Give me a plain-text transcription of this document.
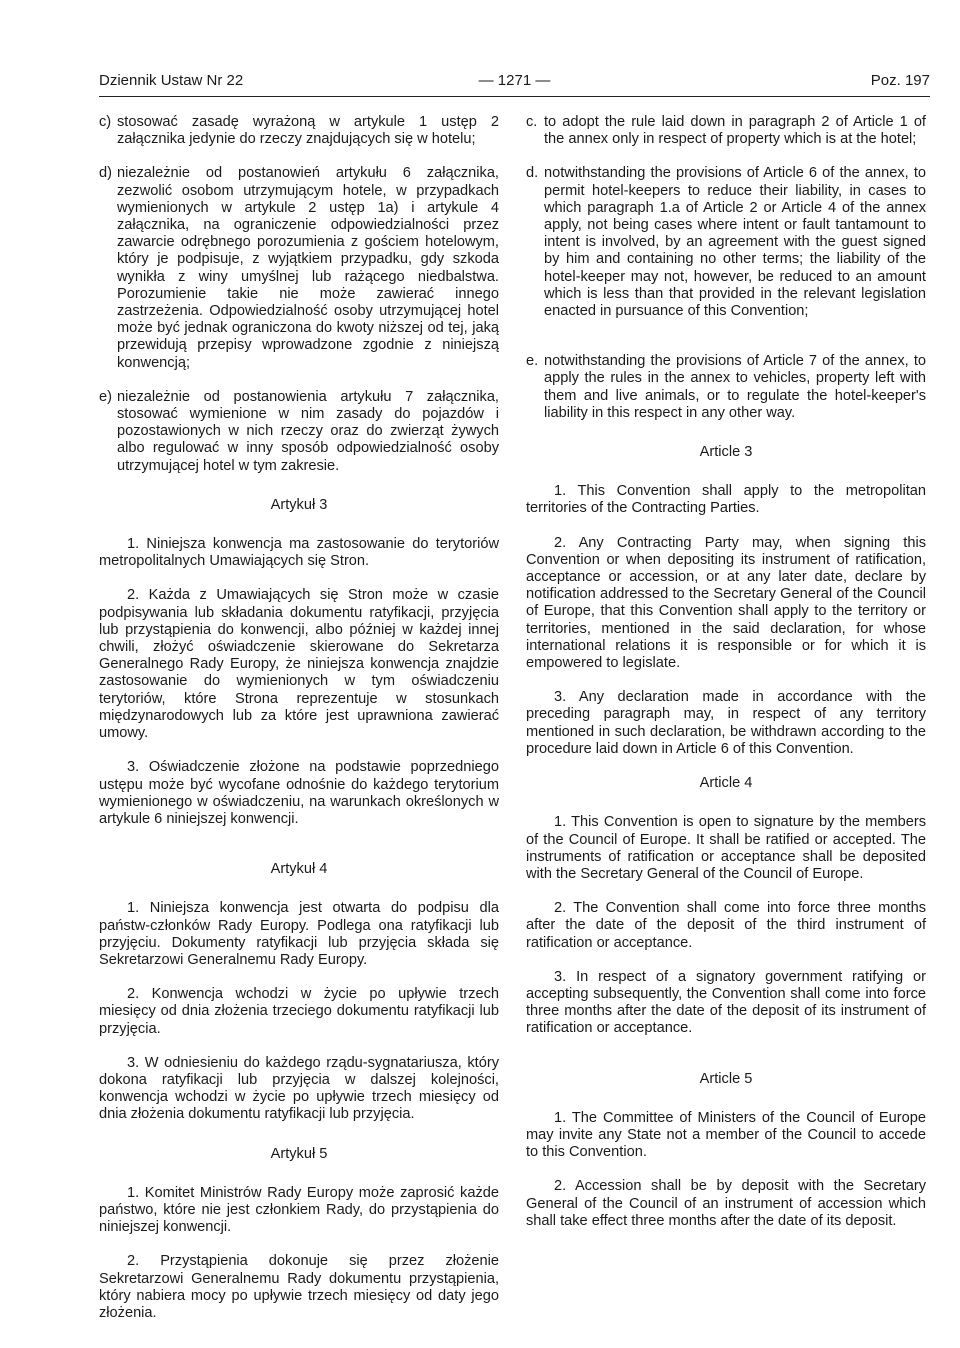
Dziennik Ustaw Nr 22	— 1271 —	Poz. 197
c) stosować zasadę wyrażoną w artykule 1 ustęp 2 załącznika jedynie do rzeczy znajdujących się w hotelu;
d) niezależnie od postanowień artykułu 6 załącznika, zezwolić osobom utrzymującym hotele, w przypadkach wymienionych w artykule 2 ustęp 1a) i artykule 4 załącznika, na ograniczenie odpowiedzialności przez zawarcie odrębnego porozumienia z gościem hotelowym, który je podpisuje, z wyjątkiem przypadku, gdy szkoda wynikła z winy umyślnej lub rażącego niedbalstwa. Porozumienie takie nie może zawierać innego zastrzeżenia. Odpowiedzialność osoby utrzymującej hotel może być jednak ograniczona do kwoty niższej od tej, jaką przewidują przepisy wprowadzone zgodnie z niniejszą konwencją;
e) niezależnie od postanowienia artykułu 7 załącznika, stosować wymienione w nim zasady do pojazdów i pozostawionych w nich rzeczy oraz do zwierząt żywych albo regulować w inny sposób odpowiedzialność osoby utrzymującej hotel w tym zakresie.

Artykuł 3

1. Niniejsza konwencja ma zastosowanie do terytoriów metropolitalnych Umawiających się Stron.

2. Każda z Umawiających się Stron może w czasie podpisywania lub składania dokumentu ratyfikacji, przyjęcia lub przystąpienia do konwencji, albo później w każdej innej chwili, złożyć oświadczenie skierowane do Sekretarza Generalnego Rady Europy, że niniejsza konwencja znajdzie zastosowanie do wymienionych w tym oświadczeniu terytoriów, które Strona reprezentuje w stosunkach międzynarodowych lub za które jest uprawniona zawierać umowy.

3. Oświadczenie złożone na podstawie poprzedniego ustępu może być wycofane odnośnie do każdego terytorium wymienionego w oświadczeniu, na warunkach określonych w artykule 6 niniejszej konwencji.

Artykuł 4

1. Niniejsza konwencja jest otwarta do podpisu dla państw-członków Rady Europy. Podlega ona ratyfikacji lub przyjęciu. Dokumenty ratyfikacji lub przyjęcia składa się Sekretarzowi Generalnemu Rady Europy.

2. Konwencja wchodzi w życie po upływie trzech miesięcy od dnia złożenia trzeciego dokumentu ratyfikacji lub przyjęcia.

3. W odniesieniu do każdego rządu-sygnatariusza, który dokona ratyfikacji lub przyjęcia w dalszej kolejności, konwencja wchodzi w życie po upływie trzech miesięcy od dnia złożenia dokumentu ratyfikacji lub przyjęcia.

Artykuł 5

1. Komitet Ministrów Rady Europy może zaprosić każde państwo, które nie jest członkiem Rady, do przystąpienia do niniejszej konwencji.

2. Przystąpienia dokonuje się przez złożenie Sekretarzowi Generalnemu Rady dokumentu przystąpienia, który nabiera mocy po upływie trzech miesięcy od daty jego złożenia.

c. to adopt the rule laid down in paragraph 2 of Article 1 of the annex only in respect of property which is at the hotel;
d. notwithstanding the provisions of Article 6 of the annex, to permit hotel-keepers to reduce their liability, in cases to which paragraph 1.a of Article 2 or Article 4 of the annex apply, not being cases where intent or fault tantamount to intent is involved, by an agreement with the guest signed by him and containing no other terms; the liability of the hotel-keeper may not, however, be reduced to an amount which is less than that provided in the relevant legislation enacted in pursuance of this Convention;
e. notwithstanding the provisions of Article 7 of the annex, to apply the rules in the annex to vehicles, property left with them and live animals, or to regulate the hotel-keeper's liability in this respect in any other way.

Article 3

1. This Convention shall apply to the metropolitan territories of the Contracting Parties.

2. Any Contracting Party may, when signing this Convention or when depositing its instrument of ratification, acceptance or accession, or at any later date, declare by notification addressed to the Secretary General of the Council of Europe, that this Convention shall apply to the territory or territories, mentioned in the said declaration, for whose international relations it is responsible or for which it is empowered to legislate.

3. Any declaration made in accordance with the preceding paragraph may, in respect of any territory mentioned in such declaration, be withdrawn according to the procedure laid down in Article 6 of this Convention.

Article 4

1. This Convention is open to signature by the members of the Council of Europe. It shall be ratified or accepted. The instruments of ratification or acceptance shall be deposited with the Secretary General of the Council of Europe.

2. The Convention shall come into force three months after the date of the deposit of the third instrument of ratification or acceptance.

3. In respect of a signatory government ratifying or accepting subsequently, the Convention shall come into force three months after the date of the deposit of its instrument of ratification or acceptance.

Article 5

1. The Committee of Ministers of the Council of Europe may invite any State not a member of the Council to accede to this Convention.

2. Accession shall be by deposit with the Secretary General of the Council of an instrument of accession which shall take effect three months after the date of its deposit.
